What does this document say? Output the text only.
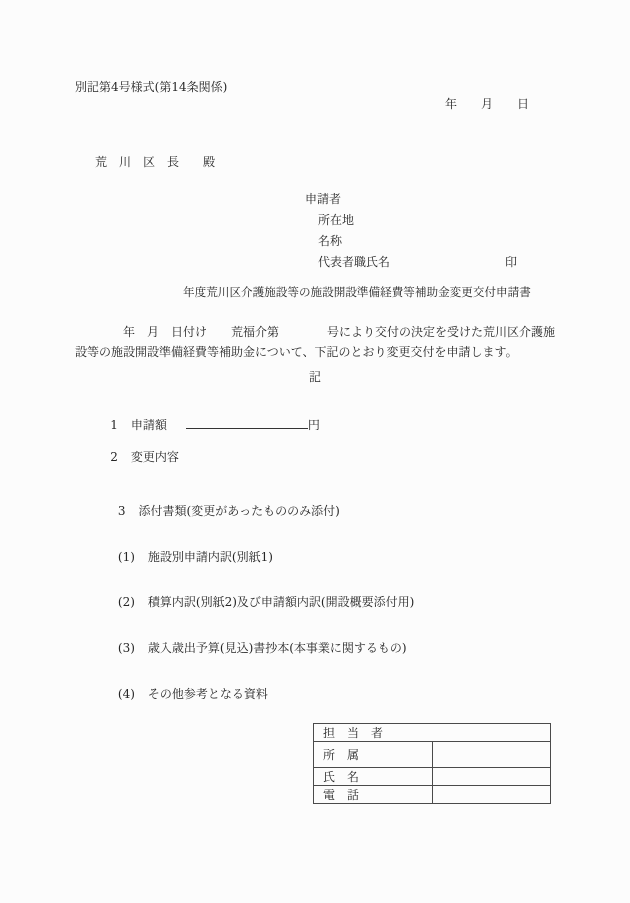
別記第4号様式(第14条関係)
年　　月　　日
荒　川　区　長　　殿
申請者
所在地
名称
代表者職氏名	印
年度荒川区介護施設等の施設開設準備経費等補助金変更交付申請書
　　　　年　月　日付け　　荒福介第　　　　号により交付の決定を受けた荒川区介護施
設等の施設開設準備経費等補助金について、下記のとおり変更交付を申請します。
記

1 申請額	円

2 変更内容

3 添付書類(変更があったもののみ添付)

(1) 施設別申請内訳(別紙1)

(2) 積算内訳(別紙2)及び申請額内訳(開設概要添付用)

(3) 歳入歳出予算(見込)書抄本(本事業に関するもの)

(4) その他参考となる資料

担　当　者	
所　属	
氏　名	
電　話	
